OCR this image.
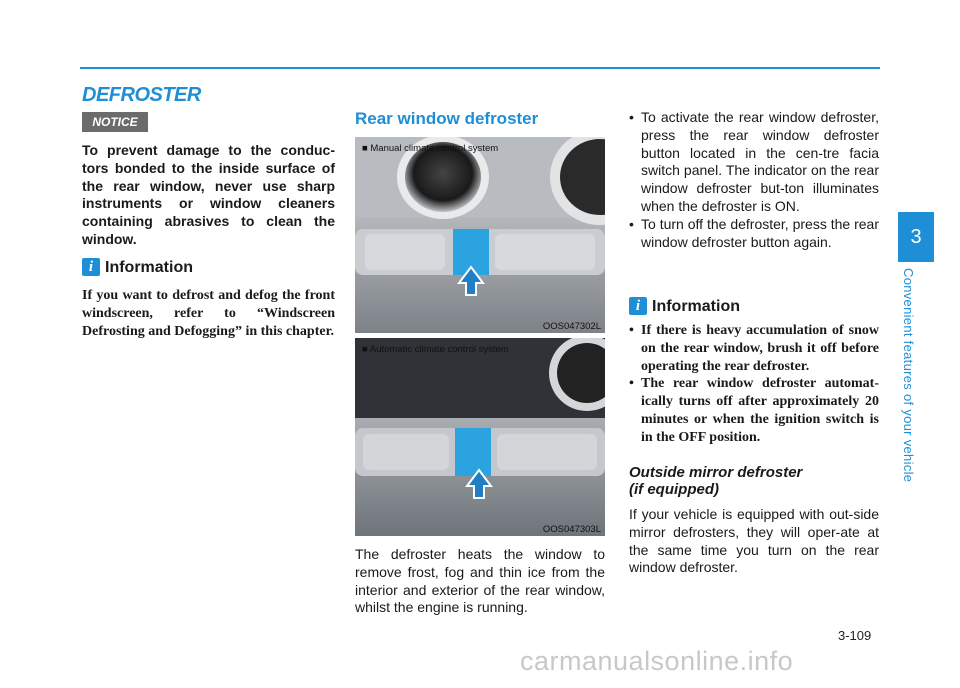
DEFROSTER
NOTICE
To prevent damage to the conduc-tors bonded to the inside surface of the rear window, never use sharp instruments or window cleaners containing abrasives to clean the window.
i Information
If you want to defrost and defog the front windscreen, refer to “Windscreen Defrosting and Defogging” in this chapter.
Rear window defroster
■ Manual climate control system
OOS047302L
■ Automatic climate control system
OOS047303L
The defroster heats the window to remove frost, fog and thin ice from the interior and exterior of the rear window, whilst the engine is running.
• To activate the rear window defroster, press the rear window defroster button located in the cen-tre facia switch panel. The indicator on the rear window defroster but-ton illuminates when the defroster is ON.
• To turn off the defroster, press the rear window defroster button again.
i Information
• If there is heavy accumulation of snow on the rear window, brush it off before operating the rear defroster.
• The rear window defroster automat-ically turns off after approximately 20 minutes or when the ignition switch is in the OFF position.
Outside mirror defroster
(if equipped)
If your vehicle is equipped with out-side mirror defrosters, they will oper-ate at the same time you turn on the rear window defroster.
3
Convenient features of your vehicle
3-109
carmanualsonline.info
